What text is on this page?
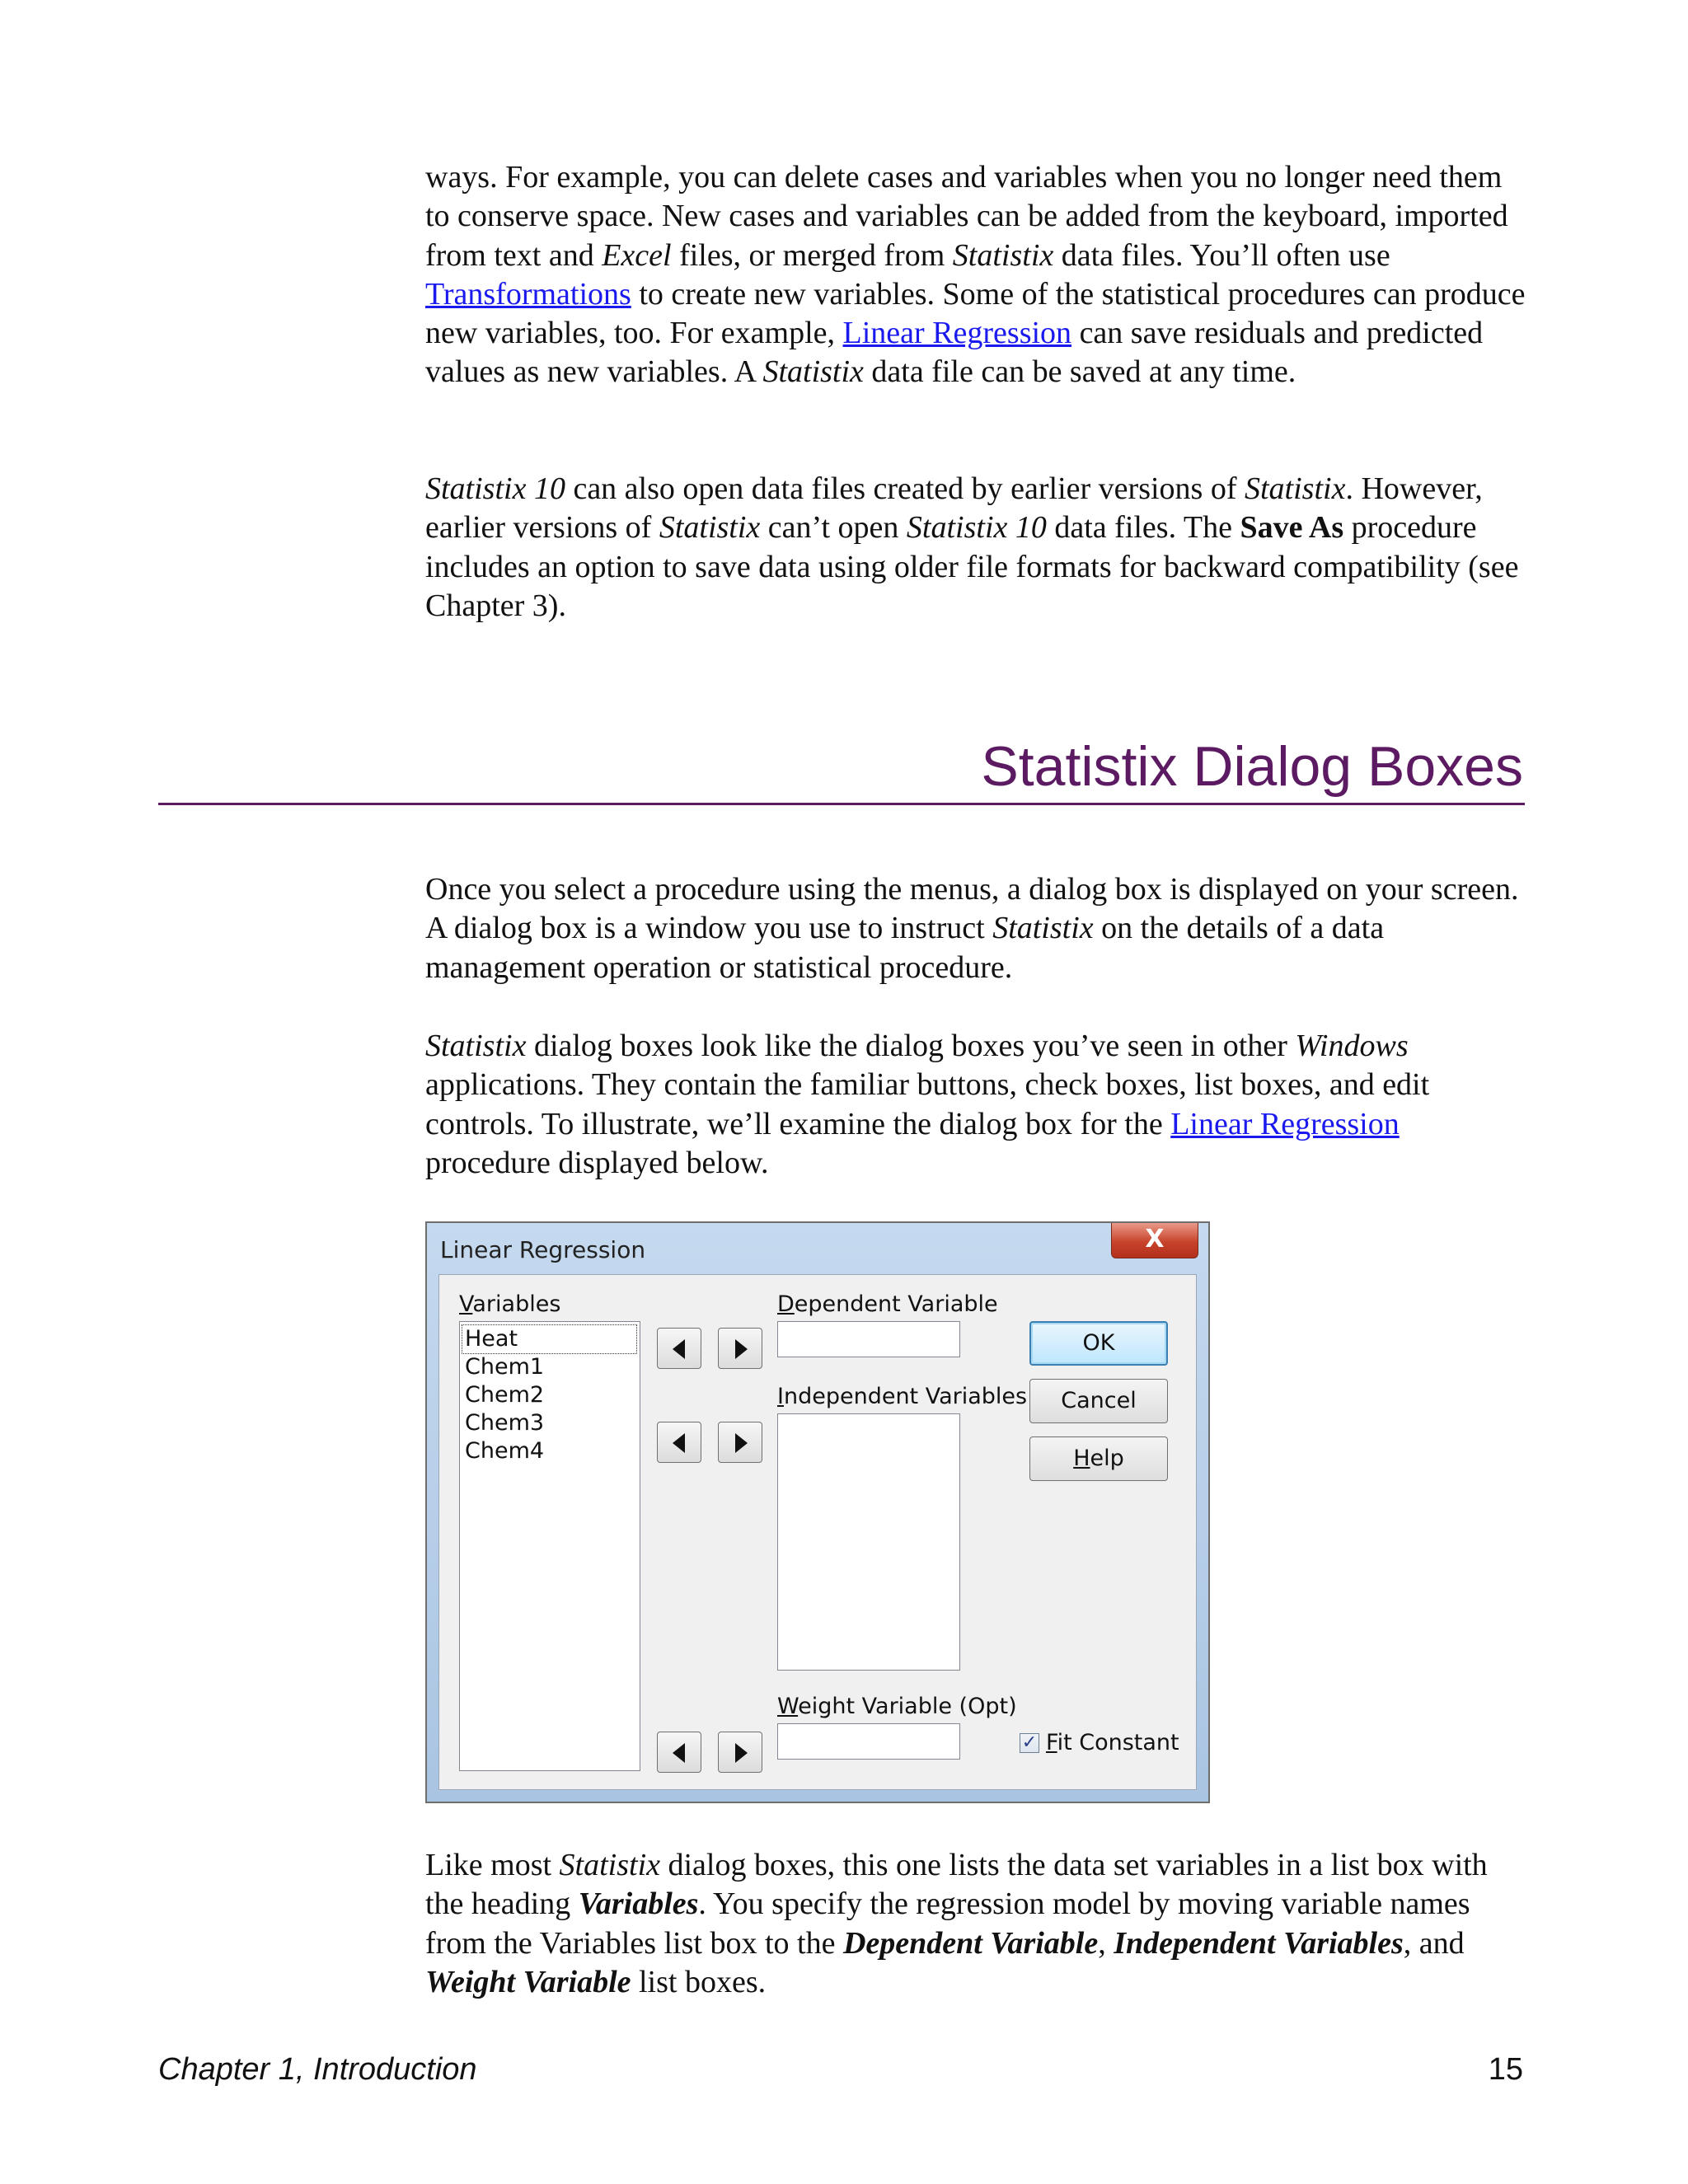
ways. For example, you can delete cases and variables when you no longer need them to conserve space. New cases and variables can be added from the keyboard, imported from text and Excel files, or merged from Statistix data files. You’ll often use Transformations to create new variables. Some of the statistical procedures can produce new variables, too. For example, Linear Regression can save residuals and predicted values as new variables. A Statistix data file can be saved at any time.

Statistix 10 can also open data files created by earlier versions of Statistix. However, earlier versions of Statistix can’t open Statistix 10 data files. The Save As procedure includes an option to save data using older file formats for backward compatibility (see Chapter 3).

Statistix Dialog Boxes

Once you select a procedure using the menus, a dialog box is displayed on your screen. A dialog box is a window you use to instruct Statistix on the details of a data management operation or statistical procedure.

Statistix dialog boxes look like the dialog boxes you’ve seen in other Windows applications. They contain the familiar buttons, check boxes, list boxes, and edit controls. To illustrate, we’ll examine the dialog box for the Linear Regression procedure displayed below.

Linear Regression	X
Variables
Heat
Chem1
Chem2
Chem3
Chem4
Dependent Variable
Independent Variables
Weight Variable (Opt)
OK
Cancel
Help
✓ Fit Constant

Like most Statistix dialog boxes, this one lists the data set variables in a list box with the heading Variables. You specify the regression model by moving variable names from the Variables list box to the Dependent Variable, Independent Variables, and Weight Variable list boxes.

Chapter 1, Introduction	15
